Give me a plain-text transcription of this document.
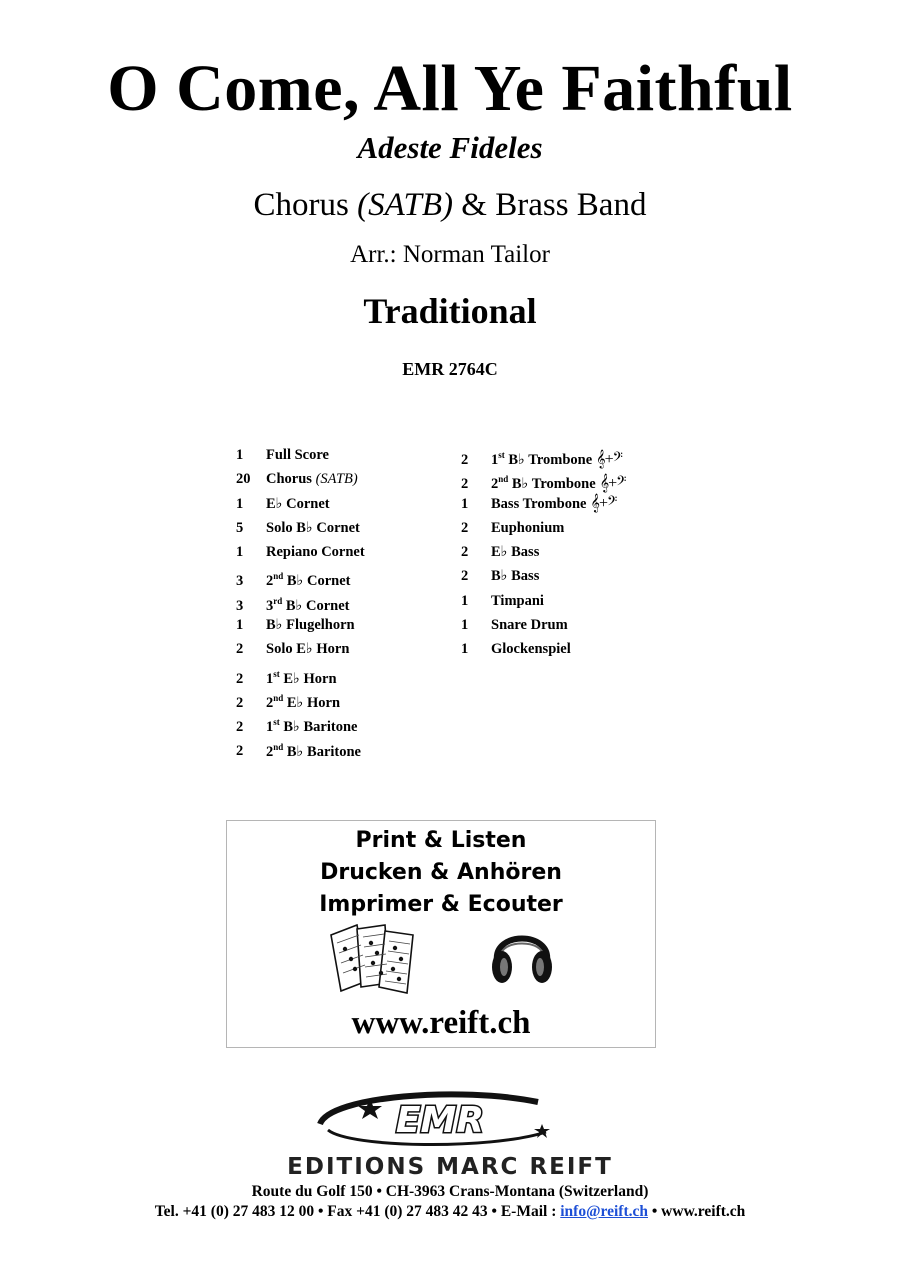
O Come, All Ye Faithful
Adeste Fideles
Chorus (SATB) & Brass Band
Arr.: Norman Tailor
Traditional
EMR 2764C
1 Full Score
20 Chorus (SATB)
1 E♭ Cornet
5 Solo B♭ Cornet
1 Repiano Cornet
3 2nd B♭ Cornet
3 3rd B♭ Cornet
1 B♭ Flugelhorn
2 Solo E♭ Horn
2 1st E♭ Horn
2 2nd E♭ Horn
2 1st B♭ Baritone
2 2nd B♭ Baritone
2 1st B♭ Trombone 𝄞+𝄢
2 2nd B♭ Trombone 𝄞+𝄢
1 Bass Trombone 𝄞+𝄢
2 Euphonium
2 E♭ Bass
2 B♭ Bass
1 Timpani
1 Snare Drum
1 Glockenspiel
Print & Listen
Drucken & Anhören
Imprimer & Ecouter
www.reift.ch
EMR
EDITIONS MARC REIFT
Route du Golf 150 • CH-3963 Crans-Montana (Switzerland)
Tel. +41 (0) 27 483 12 00 • Fax +41 (0) 27 483 42 43 • E-Mail : info@reift.ch • www.reift.ch
